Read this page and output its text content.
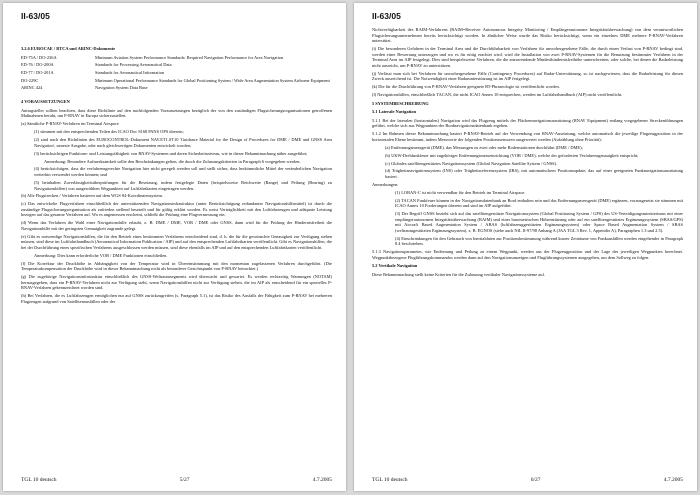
II-63/05

3.2.6 EUROCAE / RTCA und ARINC-Dokumente

ED-75A / DO-236A	Minimum Aviation System Performance Standards: Required Navigation Performance for Area Navigation
ED-76 / DO-200A	Standards for Processing Aeronautical Data
ED-77 / DO-201A	Standards for Aeronautical Information
DO-229C	Minimum Operational Performance Standards for Global Positioning System / Wide Area Augmentation System Airborne Equipment
ARINC 424	Navigation System Data Base

4 VORAUSSETZUNGEN

Antragsteller sollten beachten, dass diese Richtlinie auf den nachfolgenden Voraussetzungen bezüglich der von den zuständigen Flugsicherungsorganisationen getroffenen Maßnahmen beruht, um P-RNAV in Europa sicherzustellen.

(a) Sämtliche P-RNAV-Verfahren im Terminal Airspace

(1) stimmen mit den entsprechenden Teilen des ICAO Doc 8168 PANS OPS überein;

(2) sind nach den Richtlinien des EUROCONTROL-Dokument NAV.ET1.ST10 'Guidance Material for the Design of Procedures for DME / DME and GNSS Area Navigation', neueste Ausgabe, oder nach gleichwertigen Dokumenten entwickelt worden;

(3) berücksichtigen Funktions- und Leistungsfähigkeit von RNAV-Systemen und deren Sicherheitsniveau, wie in dieser Bekanntmachung näher ausgeführt;

Anmerkung: Besondere Aufmerksamkeit sollte den Beschränkungen gelten, die durch die Zulassungskriterien in Paragraph 6 vorgegeben werden.

(4) berücksichtigen, dass die verfahrensgerechte Navigation hier nicht geregelt werden soll und stellt sicher, dass herkömmliche Mittel der veränderlichen Navigation weiterhin verwendet werden können; und

(5) beinhalten Zuverlässigkeitsüberprüfungen für die Besetzung, indem festgelegte Daten (beispielsweise Reichweite (Range) und Peilung (Bearing) zu Navigationshilfen) von ausgewählten Wegpunkten auf Luftfahrtkarten eingetragen werden.

(b) Alle Flugstrecken / Verfahren basieren auf dem WGS 84-Koordinatensystem.

(c) Das entwickelte Flugverfahren einschließlich der unterstützenden Navigationsinfrastruktur (unter Berücksichtigung redundanter Navigationshilfsmittel) ist durch die zuständige Flugsicherungsorganisation als zufrieden stellend beurteilt und für gültig erklärt worden. Es weist Verträglichkeit mit den Luftfahrzeugen und adäquate Leistung bezogen auf das gesamte Verfahren auf. Wo es angemessen erscheint, schließt die Prüfung eine Flugvermessung ein.

(d) Wenn das Verfahren die Wahl einer Navigationshilfe erlaubt, z. B. DME / DME, VOR / DME oder GNSS, dann wird für die Prüfung der Hindernisfreiheit die Navigationshilfe mit der geringsten Genauigkeit zugrunde gelegt.

(e) Gibt es notwendige Navigationshilfen, die für den Betrieb eines bestimmten Verfahrens entscheidend sind, d. h. die für die gewünschte Genauigkeit zur Verfügung stehen müssen, sind diese im Luftfahrthandbuch (Aeronautical Information Publication / AIP) und auf den entsprechenden Luftfahrtkarten veröffentlicht. Gibt es Navigationshilfen, die bei der Durchführung eines spezifischen Verfahrens ausgeschlossen werden müssen, sind diese ebenfalls im AIP und auf den entsprechenden Luftfahrtkarten veröffentlicht.

Anmerkung: Dies kann erforderliche VOR / DME Funktionen einschließen.

(f) Die Korrektur der Druckhöhe in Abhängigkeit von der Temperatur wird in Übereinstimmung mit den momentan zugelassenen Verfahren durchgeführt. (Die Temperaturkompensation der Druckhöhe wird in dieser Bekanntmachung nicht als besonderer Gesichtspunkt von P-RNAV betrachtet.)

(g) Die zugehörige Navigationsinfrastruktur einschließlich des GNSS-Weltraumsegments wird überwacht und gewartet. Es werden rechtzeitig Warnungen (NOTAM) herausgegeben, dass ein P-RNAV-Verfahren nicht zur Verfügung steht, wenn Navigationshilfen nicht zur Verfügung stehen, die im AIP als entscheidend für ein spezielles P-RNAV-Verfahren gekennzeichnet worden sind.

(h) Bei Verfahren, die es Luftfahrzeugen ermöglichen nur auf GNSS zurückzugreifen (s. Paragraph 5.1), ist das Risiko des Ausfalls der Fähigkeit zum P-RNAV bei mehreren Flugzeugen aufgrund von Satellitenausfällen oder der

TGL 10 deutsch	5/27	4.7.2005
II-63/05

Nichtverfügbarkeit des RAIM-Verfahrens (RAIM=Receiver Autonomous Integrity Monitoring / Empfängerautonome Integritätsüberwachung) von dem verantwortlichen Flugsicherungsunternehmen bereits berücksichtigt worden. In ähnlicher Weise wurde das Risiko berücksichtigt, wenn ein einzelnes DME mehrere P-RNAV-Verfahren unterstützt.

(i) Die besonderen Gefahren in der Terminal Area und die Durchführbarkeit von Verfahren für unvorhergesehene Fälle, die durch einen Verlust von P-RNAV bedingt sind, werden einer Bewertung unterzogen und wo es für nötig erachtet wird, wird die Installation von zwei P-RNAV-Systemen für die Benutzung bestimmter Verfahren in der Terminal Area im AIP festgelegt. Dies sind beispielsweise Verfahren, die die anzuwendende Mindesthindernisfreihöhe unterschreiten, oder solche, bei denen die Radarleistung nicht ausreicht, um P-RNAV zu unterstützen.

(j) Verlässt man sich bei Verfahren für unvorhergesehene Fälle (Contingency Procedures) auf Radar-Unterstützung, so ist nachgewiesen, dass die Radarleistung für diesen Zweck ausreichend ist. Die Notwendigkeit einer Radarunterstützung ist im AIP festgelegt.

(k) Die für die Durchführung von P-RNAV-Verfahren geeignete RT-Phraseologie ist veröffentlicht worden.

(l) Navigationshilfen, einschließlich TACAN, die nicht ICAO Annex 10 entsprechen, werden im Luftfahrthandbuch (AIP) nicht veröffentlicht.

5 SYSTEMBESCHREIBUNG

5.1 Laterale Navigation

5.1.1 Bei der lateralen (horizontalen) Navigation wird das Flugzeug mittels der Flächennavigationsausrüstung (RNAV Equipment) entlang vorgegebener Streckenführungen geführt, welche sich aus Wegpunkten der Bordnavigationsdatenbank ergeben.

5.1.2 Im Rahmen dieser Bekanntmachung basiert P-RNAV-Betrieb auf der Verwendung von RNAV-Ausrüstung, welche automatisch die jeweilige Flugzeugposition in der horizontalen Ebene bestimmt, indem Messwerte der folgenden Positionssensoren ausgewertet werden (Aufzählung ohne Priorität):

(a) Entfernungsmessgerät (DME), das Messungen zu zwei oder mehr Bodenstationen durchführt (DME / DME);

(b) UKW-Drehfunkfeuer mit zugehöriger Entfernungsmesseinrichtung (VOR / DME), welche der geforderten Verfahrensgenauigkeit entspricht;

(c) Globales satellitengestütztes Navigationssystem (Global Navigation Satellite System / GNSS).

(d) Trägheitsnavigationssystem (INS) oder Trägheitsreferenzsystem (IRS), mit automatischem Positionsupdate, das auf einer geeigneten Funknavigationsausrüstung basiert.

Anmerkungen:

(1) LORAN-C ist nicht verwendbar für den Betrieb im Terminal Airspace.

(2) TACAN Funkfeuer können in der Navigationsdatenbank an Bord enthalten sein und das Entfernungsmessgerät (DME) ergänzen, vorausgesetzt sie stimmen mit ICAO Annex 10 Forderungen überein und sind im AIP aufgeführt.

(3) Der Begriff GNSS bezieht sich auf das satellitengestützte Navigationssystem (Global Positioning System / GPS) des US-Verteidigungsministeriums mit einer empfängerautonomen Integritätsüberwachung (RAIM) und einer barometrischen Höhenstützung oder auf ein satellitengestütztes Ergänzungssystem (SBAS/GPS) mit Aircraft Based Augmentation System / ABAS (luftfahrzeuggestützten Ergänzungssystem) oder Space Based Augmentation System / SBAS (weltraumgestützten Ergänzungssystem), z. B. EGNOS (siehe auch NfL II-97/98 Anhang A (JAA TGL 3 Rev. 1, Appendix A), Paragraphen 1.3 und 2.5).

(4) Einschränkungen für den Gebrauch von Inertialdaten zur Positionsbestimmung während kurzer Zeiträume von Funkausfällen werden eingehender in Paragraph 8.4 beschrieben.

5.1.3 Navigationsparameter, wie Entfernung und Peilung zu einem Wegpunkt, werden aus der Flugzeugposition und der Lage des jeweiligen Wegpunktes berechnet. Wegpunktbezogene Flugführungskommandos werden dann auf den Navigationsanzeigen und Flugführungssystemen ausgegeben, um dem Sollweg zu folgen.

5.2 Vertikale Navigation

Diese Bekanntmachung stellt keine Kriterien für die Zulassung vertikaler Navigationssysteme auf.

TGL 10 deutsch	6/27	4.7.2005
